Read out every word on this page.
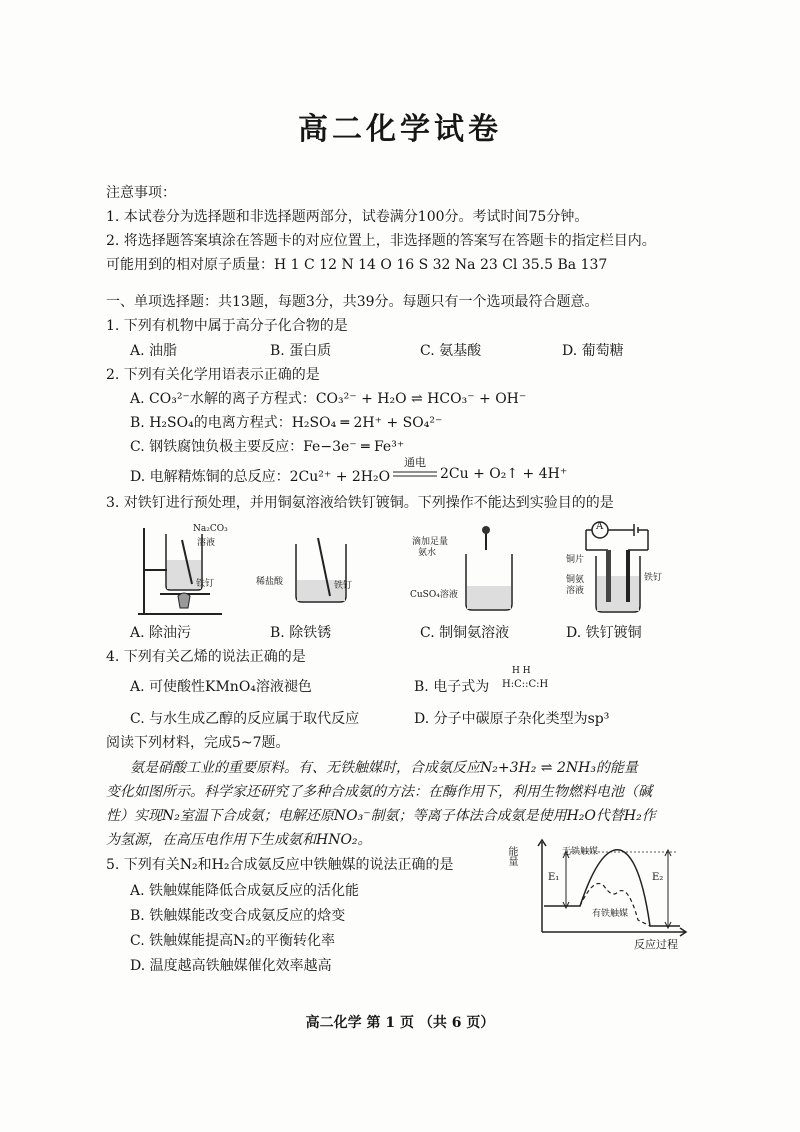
高二化学试卷
注意事项：
1. 本试卷分为选择题和非选择题两部分，试卷满分100分。考试时间75分钟。
2. 将选择题答案填涂在答题卡的对应位置上，非选择题的答案写在答题卡的指定栏目内。
可能用到的相对原子质量：H 1 C 12 N 14 O 16 S 32 Na 23 Cl 35.5 Ba 137
一、单项选择题：共13题，每题3分，共39分。每题只有一个选项最符合题意。
1. 下列有机物中属于高分子化合物的是
A. 油脂	B. 蛋白质	C. 氨基酸	D. 葡萄糖
2. 下列有关化学用语表示正确的是
A. CO₃²⁻水解的离子方程式：CO₃²⁻ + H₂O ⇌ HCO₃⁻ + OH⁻
B. H₂SO₄的电离方程式：H₂SO₄ ═ 2H⁺ + SO₄²⁻
C. 钢铁腐蚀负极主要反应：Fe−3e⁻ ═ Fe³⁺
D. 电解精炼铜的总反应：2Cu²⁺ + 2H₂O
通电
2Cu + O₂↑ + 4H⁺
3. 对铁钉进行预处理，并用铜氨溶液给铁钉镀铜。下列操作不能达到实验目的的是
Na₂CO₃
溶液
铁钉	稀盐酸	铁钉
滴加足量
氨水
CuSO₄溶液
A
铜片
铜氨
溶液
铁钉
A. 除油污	B. 除铁锈	C. 制铜氨溶液	D. 铁钉镀铜
4. 下列有关乙烯的说法正确的是
A. 可使酸性KMnO₄溶液褪色	B. 电子式为
H H
H:C::C:H
C. 与水生成乙醇的反应属于取代反应	D. 分子中碳原子杂化类型为sp³
阅读下列材料，完成5~7题。
氨是硝酸工业的重要原料。有、无铁触媒时，合成氨反应N₂+3H₂ ⇌ 2NH₃的能量
变化如图所示。科学家还研究了多种合成氨的方法：在酶作用下，利用生物燃料电池（碱
性）实现N₂室温下合成氨；电解还原NO₃⁻制氨；等离子体法合成氨是使用H₂O代替H₂作
为氢源，在高压电作用下生成氨和HNO₂。
5. 下列有关N₂和H₂合成氨反应中铁触媒的说法正确的是
A. 铁触媒能降低合成氨反应的活化能
B. 铁触媒能改变合成氨反应的焓变
C. 铁触媒能提高N₂的平衡转化率
D. 温度越高铁触媒催化效率越高
能量
反应过程
无铁触媒
有铁触媒
E₁	E₂
高二化学 第 1 页 （共 6 页）
